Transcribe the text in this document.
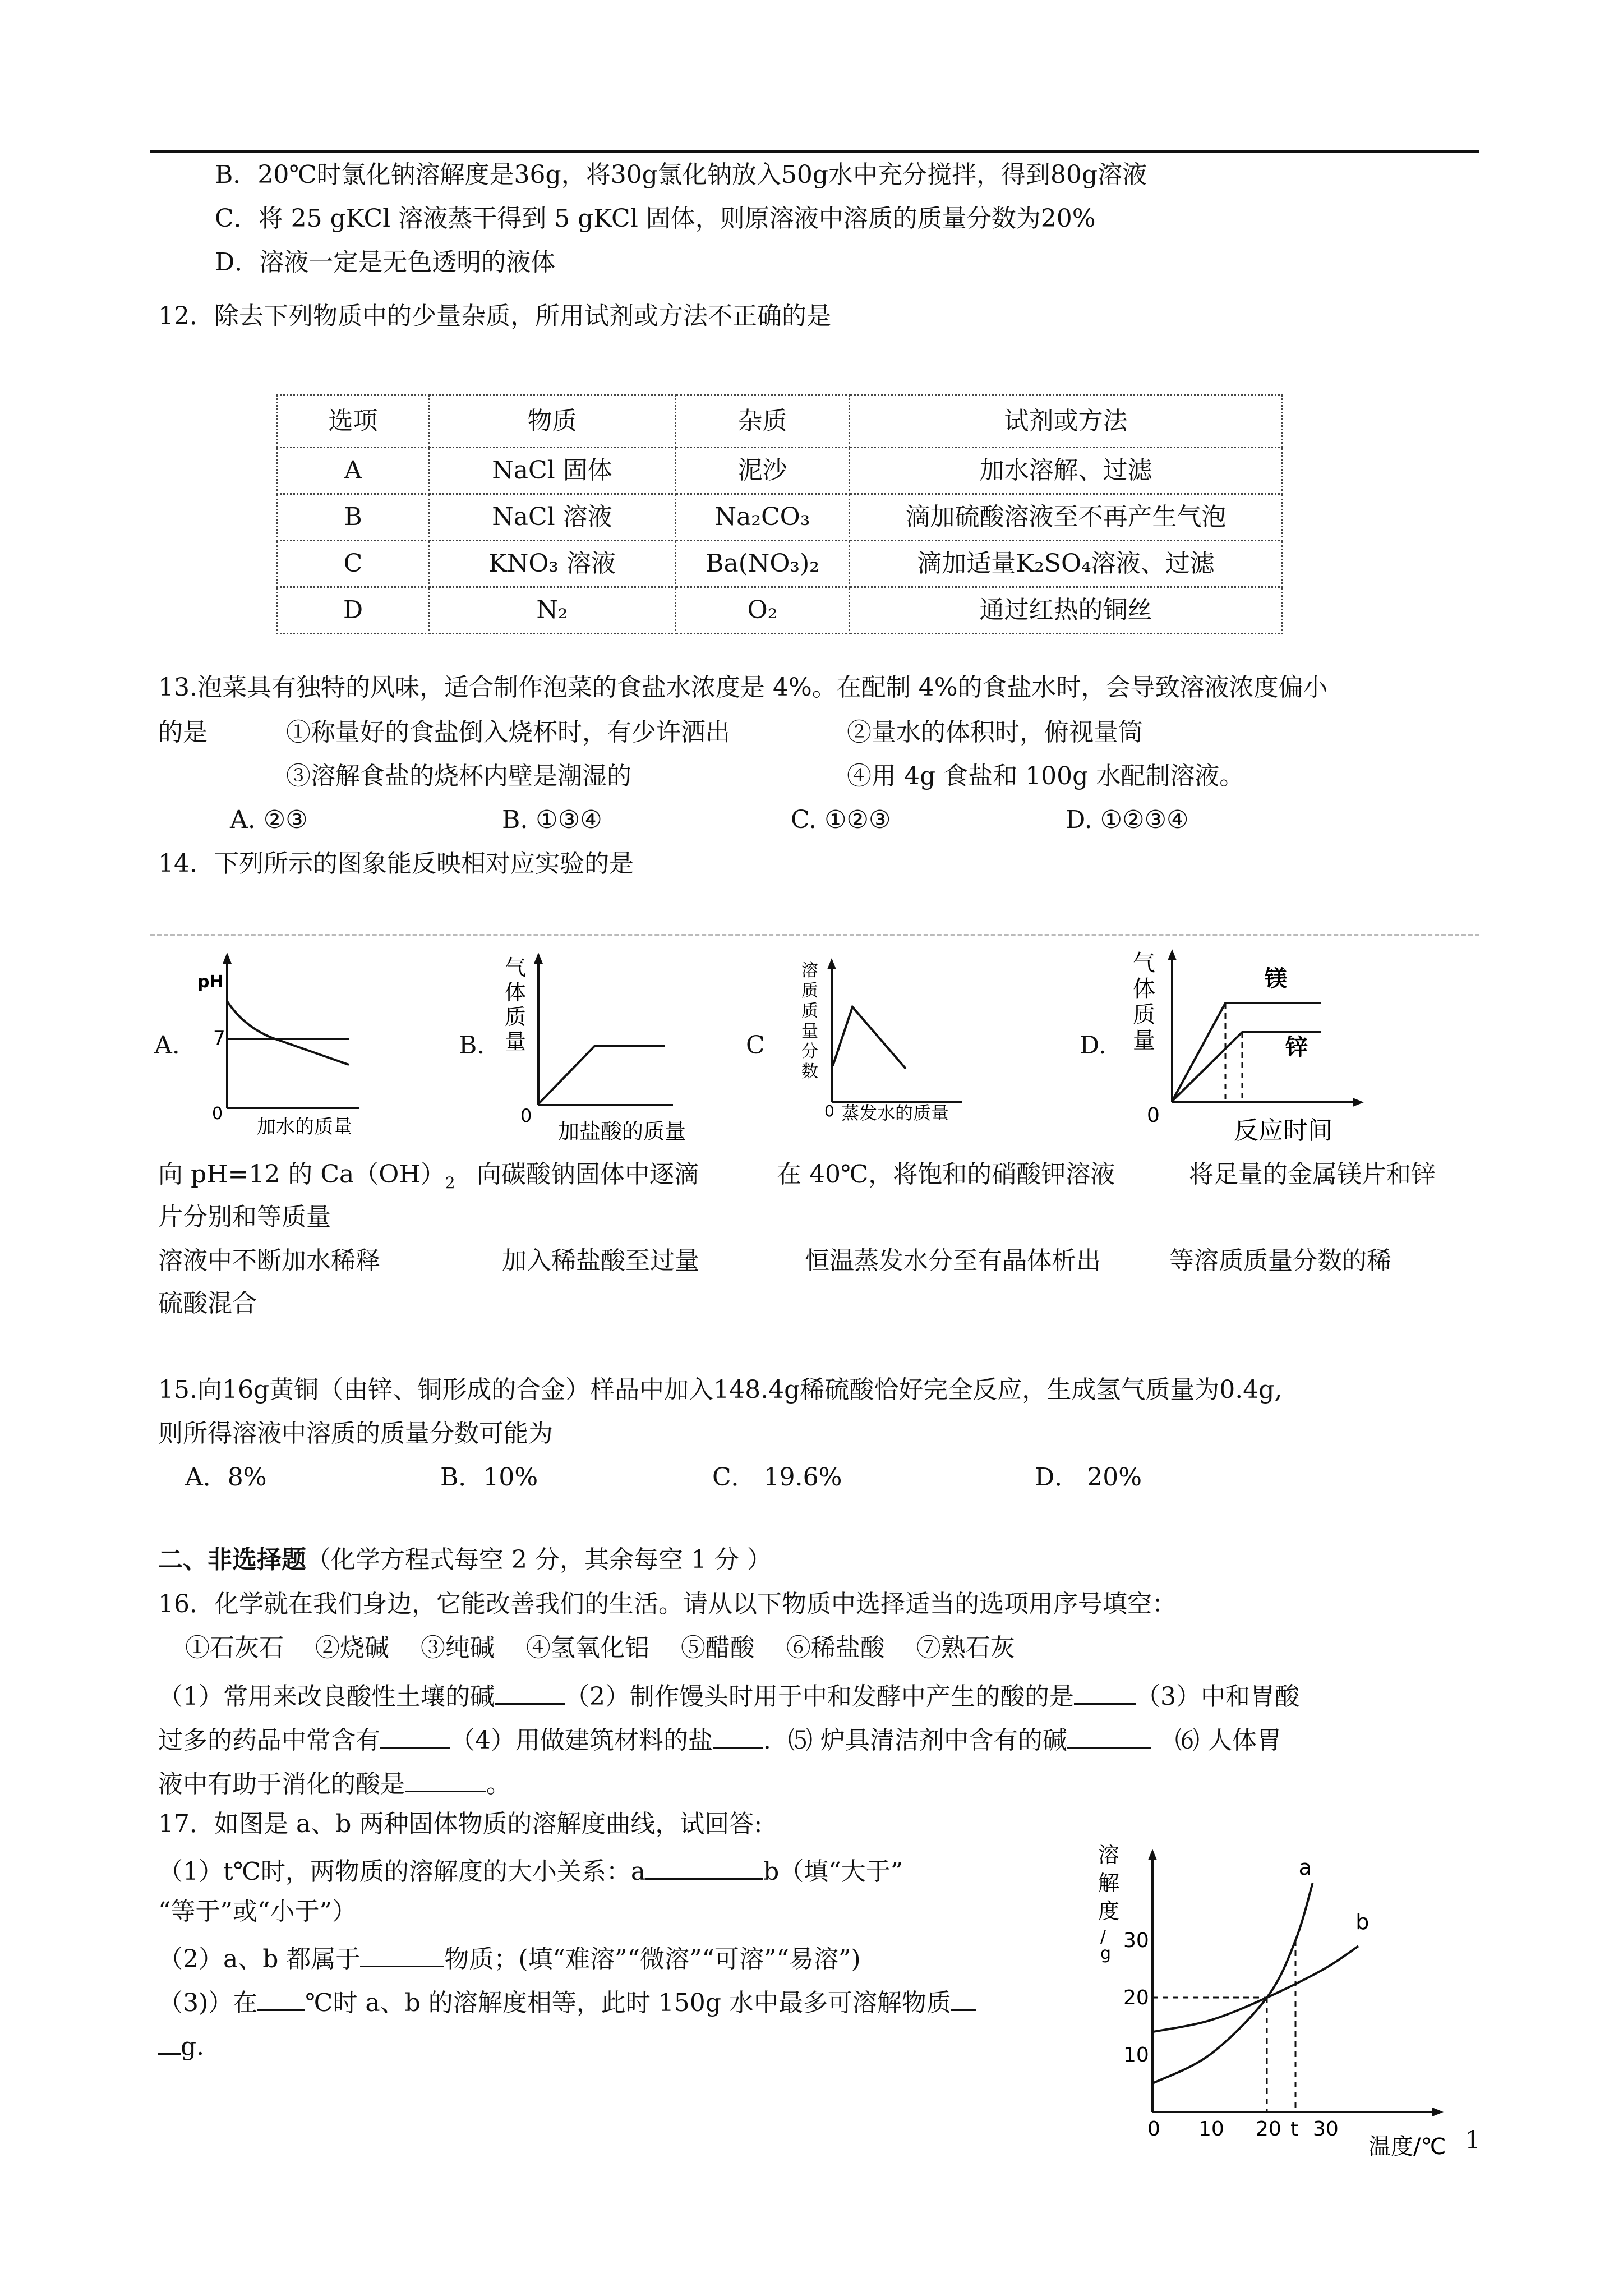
B．20℃时氯化钠溶解度是36g，将30g氯化钠放入50g水中充分搅拌，得到80g溶液
C．将 25 gKCl 溶液蒸干得到 5 gKCl 固体，则原溶液中溶质的质量分数为20%
D．溶液一定是无色透明的液体
12．除去下列物质中的少量杂质，所用试剂或方法不正确的是
选项	物质	杂质	试剂或方法
A	NaCl 固体	泥沙	加水溶解、过滤
B	NaCl 溶液	Na₂CO₃	滴加硫酸溶液至不再产生气泡
C	KNO₃ 溶液	Ba(NO₃)₂	滴加适量K₂SO₄溶液、过滤
D	N₂	O₂	通过红热的铜丝
13.泡菜具有独特的风味，适合制作泡菜的食盐水浓度是 4%。在配制 4%的食盐水时，会导致溶液浓度偏小
的是	①称量好的食盐倒入烧杯时，有少许洒出	②量水的体积时，俯视量筒
③溶解食盐的烧杯内壁是潮湿的	④用 4g 食盐和 100g 水配制溶液。
A. ②③	B. ①③④	C. ①②③	D. ①②③④
14．下列所示的图象能反映相对应实验的是
A.	B.	C	D.
pH
7
0
加水的质量
气
体
质
量
0
加盐酸的质量
溶
质
质
量
分
数
0 蒸发水的质量
气
体
质
量
0
镁
锌
反应时间
向 pH=12 的 $Ca(OH)_2$ 向碳酸钠固体中逐滴	在 40℃，将饱和的硝酸钾溶液	将足量的金属镁片和锌
片分别和等质量
溶液中不断加水稀释	加入稀盐酸至过量	恒温蒸发水分至有晶体析出	等溶质质量分数的稀
硫酸混合
15.向16g黄铜（由锌、铜形成的合金）样品中加入148.4g稀硫酸恰好完全反应，生成氢气质量为0.4g,
则所得溶液中溶质的质量分数可能为
A．8%	B．10%	C． 19.6%	D． 20%
二、非选择题（化学方程式每空 2 分，其余每空 1 分 ）
16．化学就在我们身边，它能改善我们的生活。请从以下物质中选择适当的选项用序号填空：
①石灰石 ②烧碱 ③纯碱 ④氢氧化铝 ⑤醋酸 ⑥稀盐酸 ⑦熟石灰
（1）常用来改良酸性土壤的碱	（2）制作馒头时用于中和发酵中产生的酸的是	（3）中和胃酸
过多的药品中常含有	（4）用做建筑材料的盐 ．⑸ 炉具清洁剂中含有的碱	⑹ 人体胃
液中有助于消化的酸是	。
17．如图是 a、b 两种固体物质的溶解度曲线，试回答:
（1）t℃时，两物质的溶解度的大小关系：a	b（填“大于”
“等于”或“小于”）
（2）a、b 都属于	物质；(填“难溶”“微溶”“可溶”“易溶”)
（3)）在 ℃时 a、b 的溶解度相等，此时 150g 水中最多可溶解物质
g.
0 10 20 t 30
10
20
30
a
b
溶
解
度
/
g
温度/℃ 1
